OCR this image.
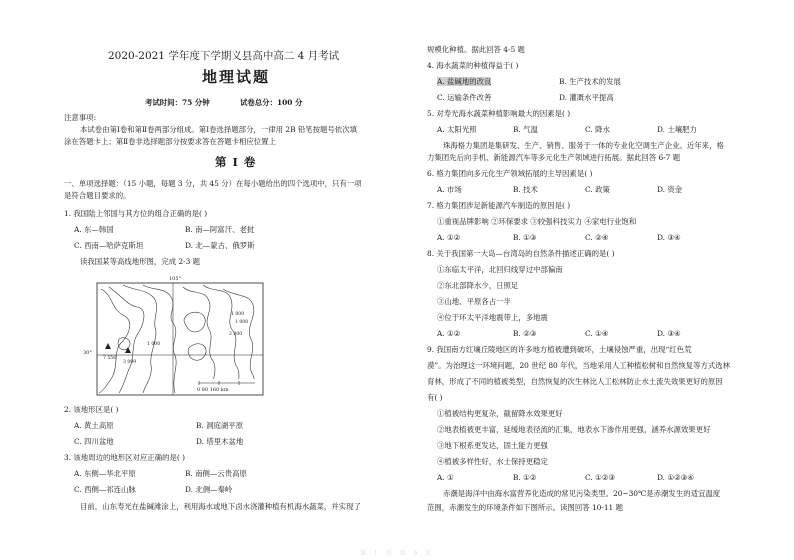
2020-2021 学年度下学期义县高中高二 4 月考试
地理试题
考试时间：75 分钟	试卷总分：100 分
注意事项:
本试卷由第Ⅰ卷和第Ⅱ卷两部分组成。第Ⅰ卷选择题部分，一律用 2B 铅笔按题号依次填
涂在答题卡上；第Ⅱ卷非选择题部分按要求答在答题卡相应位置上
第Ⅰ卷
一、单项选择题：（15 小题，每题 3 分，共 45 分）在每小题给出的四个选项中，只有一项
是符合题目要求的。
1. 我国陆上邻国与其方位的组合正确的是( )
A. 东—韩国	B. 南—阿富汗、老挝
C. 西南—哈萨克斯坦	D. 北—蒙古、俄罗斯
读我国某等高线地形图，完成 2-3 题
105°
30°
1 000
1 000
2 000
7 556
3 099
1 000
0 80 160 km
2. 该地形区是( )
A. 黄土高原	B. 洞庭湖平原
C. 四川盆地	D. 塔里木盆地
3. 该地周边的地形区对应正确的是( )
A. 东侧—华北平原	B. 南侧—云贵高原
C. 西侧—祁连山脉	D. 北侧—秦岭
目前，山东寿光在盐碱滩涂上，利用海水或地下卤水浇灌种植有机海水蔬菜，并实现了
规模化种植。据此回答 4-5 题
4. 海水蔬菜的种植得益于( )
A. 盐碱地的改良	B. 生产技术的发展
C. 运输条件改善	D. 灌溉水平提高
5. 对寿光海水蔬菜种植影响最大的因素是( )
A. 太阳光照	B. 气温	C. 降水	D. 土壤肥力
珠海格力集团是集研发、生产、销售、服务于一体的专业化空调生产企业。近年来，格
力集团先后向手机、新能源汽车等多元化生产领域进行拓展。据此回答 6-7 题
6. 格力集团向多元化生产领域拓展的主导因素是( )
A. 市场	B. 技术	C. 政策	D. 资金
7. 格力集团涉足新能源汽车制造的原因是( )
①重视品牌影响 ②环保要求 ③较强科技实力 ④家电行业饱和
A. ①②	B. ①③	C. ②④	D. ③④
8. 关于我国第一大岛—台湾岛的自然条件描述正确的是( )
①东临太平洋，北回归线穿过中部偏南
②东北部降水少，日照足
③山地、平原各占一半
④位于环太平洋地震带上，多地震
A. ①②	B. ②③	C. ①④	D. ③④
9. 我国南方红壤丘陵地区的许多地方植被遭到破坏，土壤侵蚀严重，出现“红色荒
漠”。为治理这一环境问题，20 世纪 80 年代，当地采用人工种植松树和自然恢复等方式选林
育林，形成了不同的植被类型，自然恢复的次生林比人工松林防止水土流失效果更好的原因
有( )
①植被结构更复杂，截留降水效果更好
②地表植被更丰富，延缓地表径流的汇集，地表水下渗作用更强，涵养水源效果更好
③地下根系更发达，固土能力更强
④植被多样性好，水土保持更稳定
A. ①	B. ①②	C. ①②③	D. ①②③④
赤潮是海洋中由海水富营养化造成的常见污染类型。20~30℃是赤潮发生的适宜温度
范围，赤潮发生的环境条件如下图所示。读图回答 10-11 题
第 1 页 共 6 页
